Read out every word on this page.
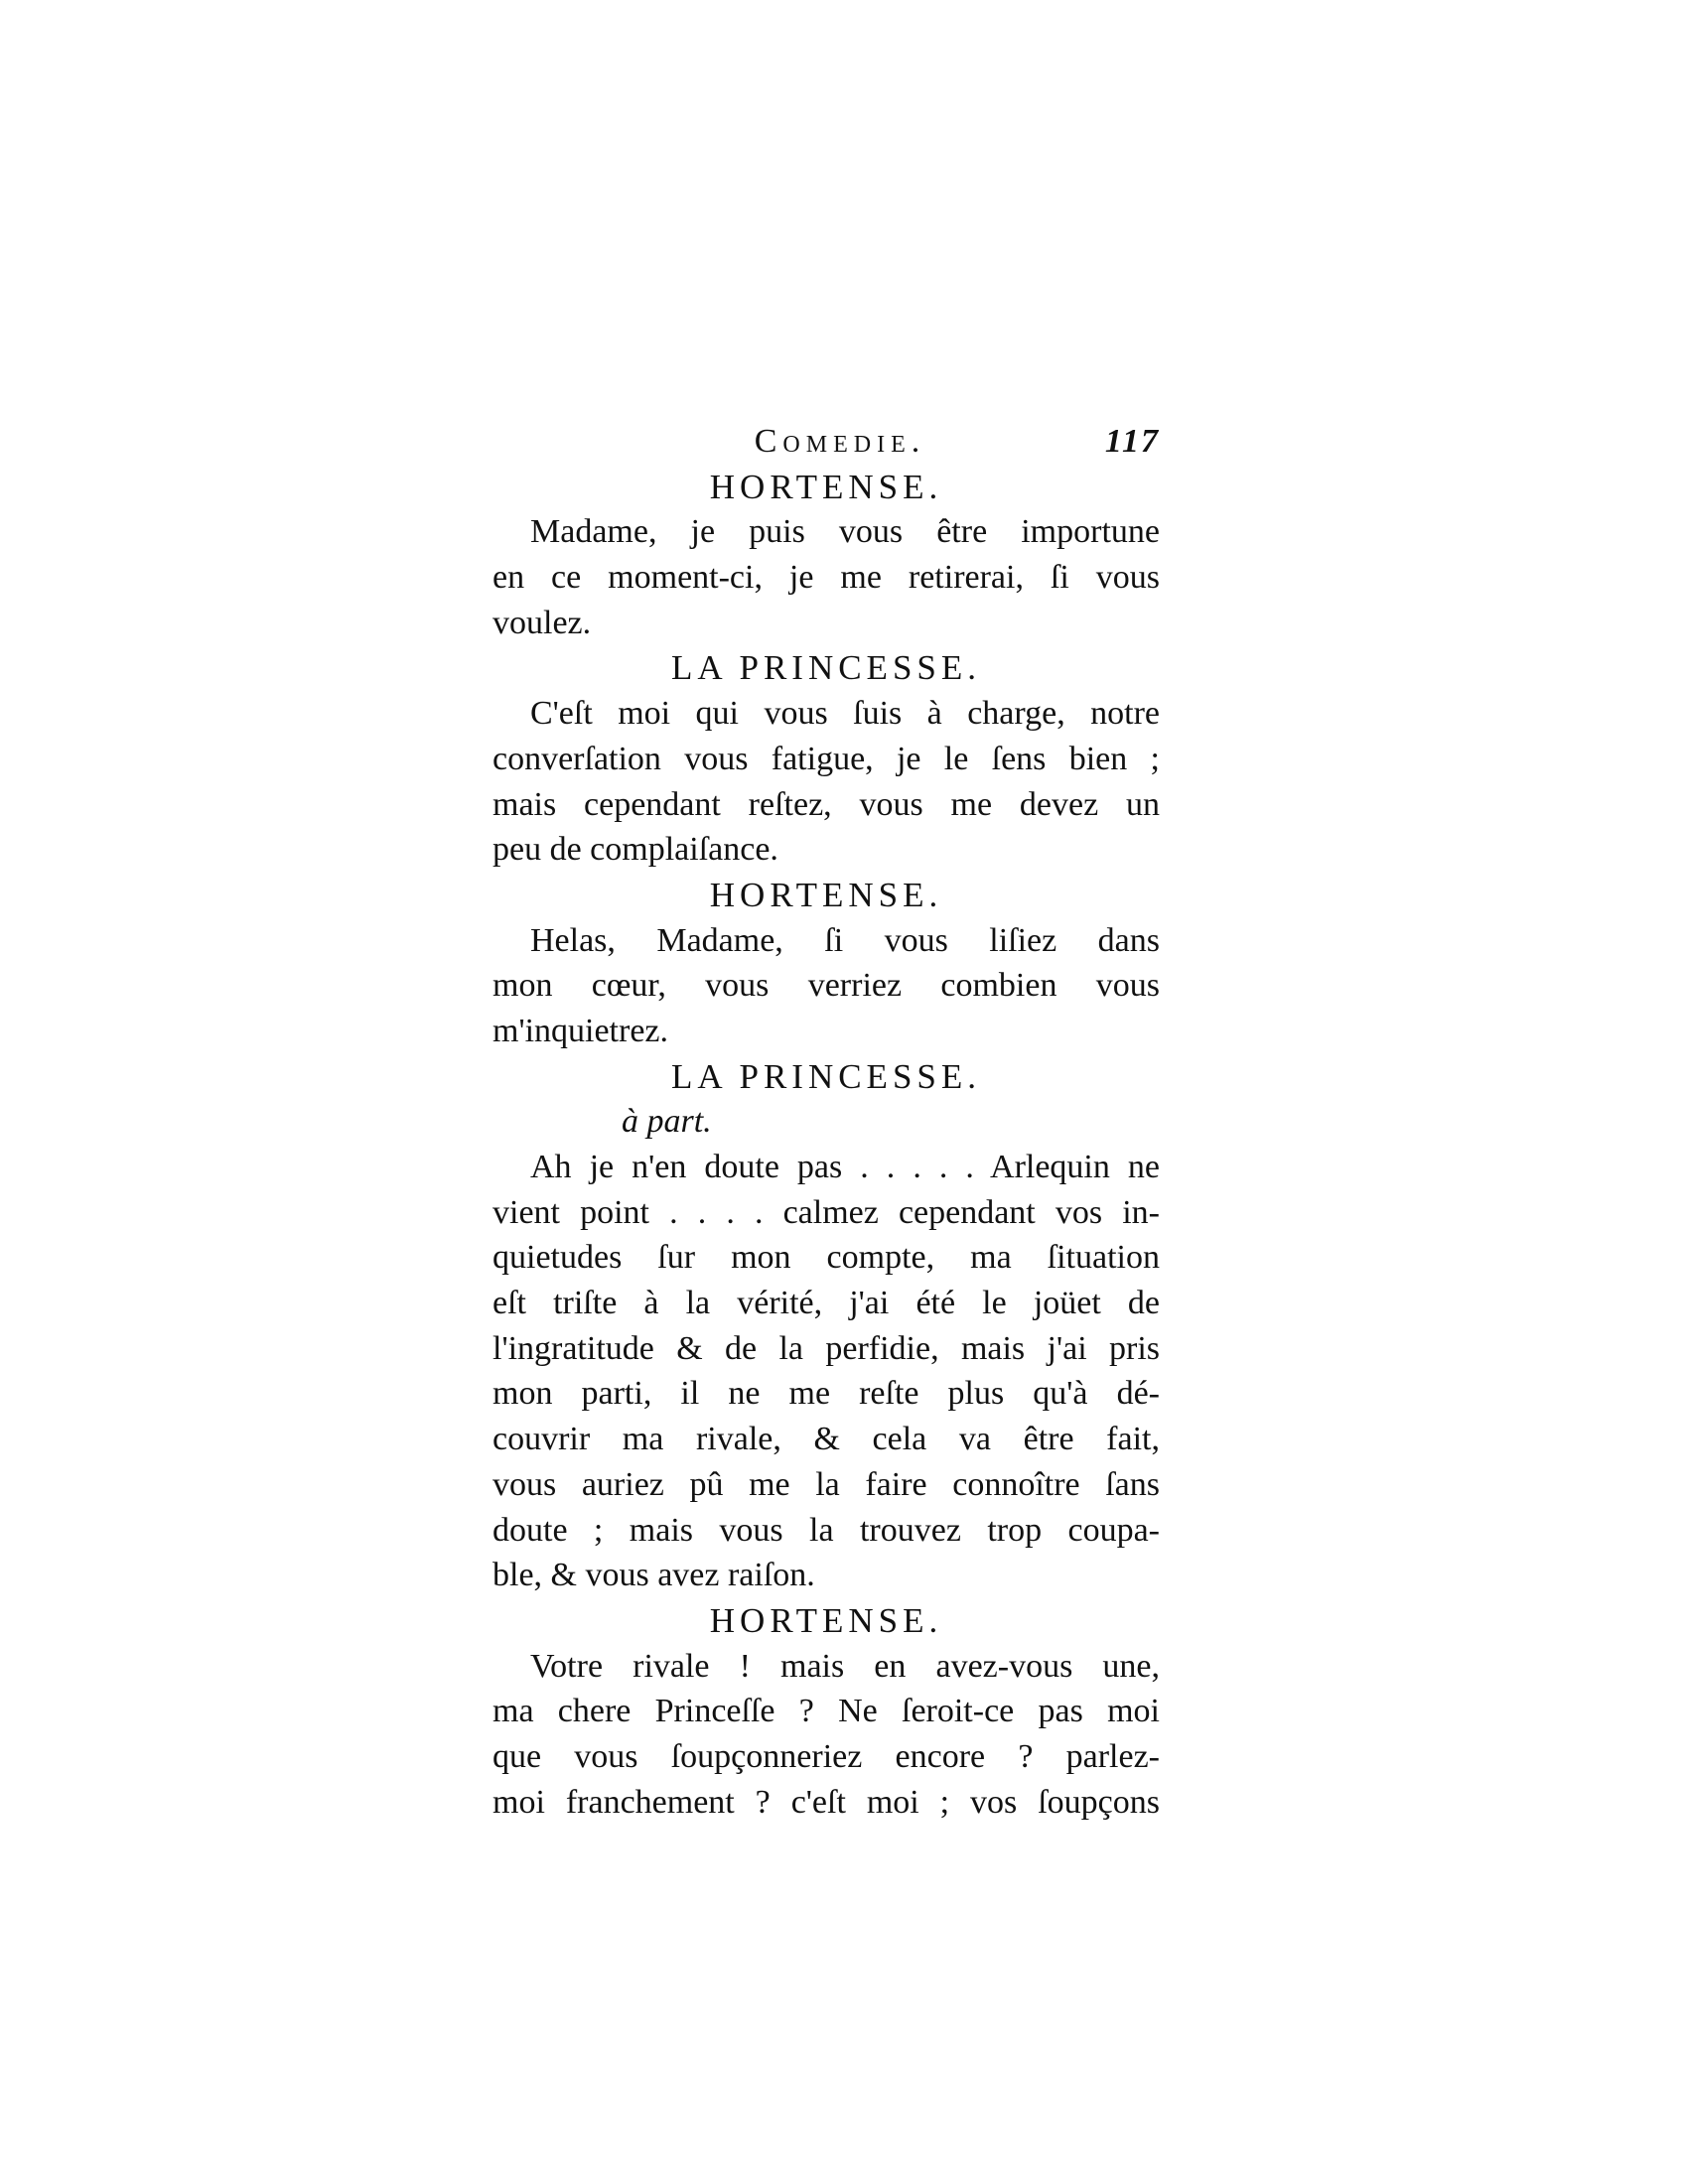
Comedie.	117
HORTENSE.
Madame, je puis vous être importune
en ce moment-ci, je me retirerai, ſi vous
voulez.
LA PRINCESSE.
C'eſt moi qui vous ſuis à charge, notre
converſation vous fatigue, je le ſens bien ;
mais cependant reſtez, vous me devez un
peu de complaiſance.
HORTENSE.
Helas, Madame, ſi vous liſiez dans
mon cœur, vous verriez combien vous
m'inquietrez.
LA PRINCESSE.
à part.
Ah je n'en doute pas . . . . . Arlequin ne
vient point . . . . calmez cependant vos in-
quietudes ſur mon compte, ma ſituation
eſt triſte à la vérité, j'ai été le joüet de
l'ingratitude & de la perfidie, mais j'ai pris
mon parti, il ne me reſte plus qu'à dé-
couvrir ma rivale, & cela va être fait,
vous auriez pû me la faire connoître ſans
doute ; mais vous la trouvez trop coupa-
ble, & vous avez raiſon.
HORTENSE.
Votre rivale ! mais en avez-vous une,
ma chere Princeſſe ? Ne ſeroit-ce pas moi
que vous ſoupçonneriez encore ? parlez-
moi franchement ? c'eſt moi ; vos ſoupçons
